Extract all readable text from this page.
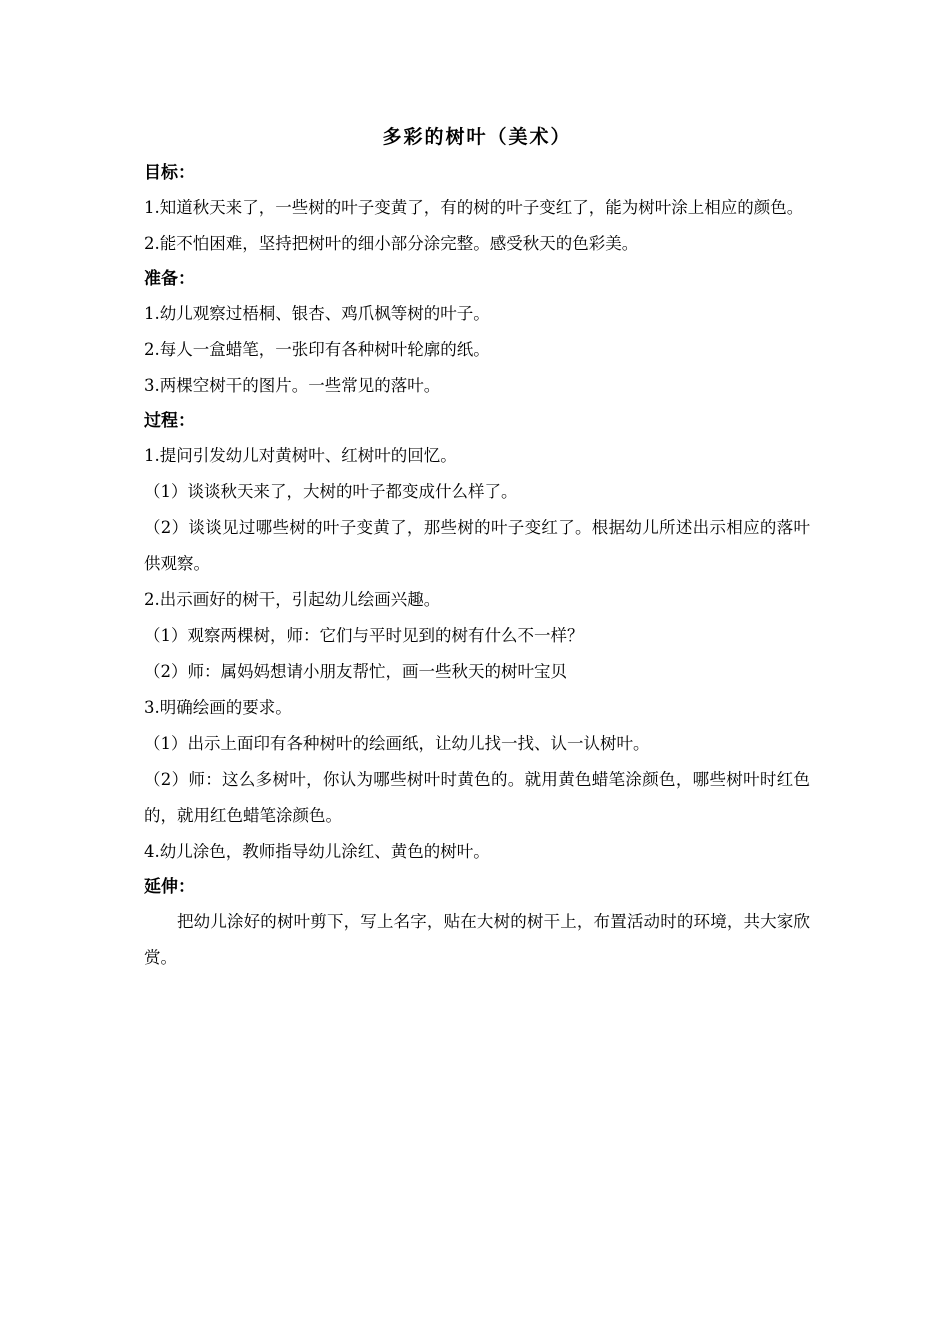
多彩的树叶（美术）
目标：
1.知道秋天来了，一些树的叶子变黄了，有的树的叶子变红了，能为树叶涂上相应的颜色。
2.能不怕困难，坚持把树叶的细小部分涂完整。感受秋天的色彩美。
准备：
1.幼儿观察过梧桐、银杏、鸡爪枫等树的叶子。
2.每人一盒蜡笔，一张印有各种树叶轮廓的纸。
3.两棵空树干的图片。一些常见的落叶。
过程：
1.提问引发幼儿对黄树叶、红树叶的回忆。
（1）谈谈秋天来了，大树的叶子都变成什么样了。
（2）谈谈见过哪些树的叶子变黄了，那些树的叶子变红了。根据幼儿所述出示相应的落叶供观察。
2.出示画好的树干，引起幼儿绘画兴趣。
（1）观察两棵树，师：它们与平时见到的树有什么不一样？
（2）师：属妈妈想请小朋友帮忙，画一些秋天的树叶宝贝
3.明确绘画的要求。
（1）出示上面印有各种树叶的绘画纸，让幼儿找一找、认一认树叶。
（2）师：这么多树叶，你认为哪些树叶时黄色的。就用黄色蜡笔涂颜色，哪些树叶时红色的，就用红色蜡笔涂颜色。
4.幼儿涂色，教师指导幼儿涂红、黄色的树叶。
延伸：
把幼儿涂好的树叶剪下，写上名字，贴在大树的树干上，布置活动时的环境，共大家欣赏。
